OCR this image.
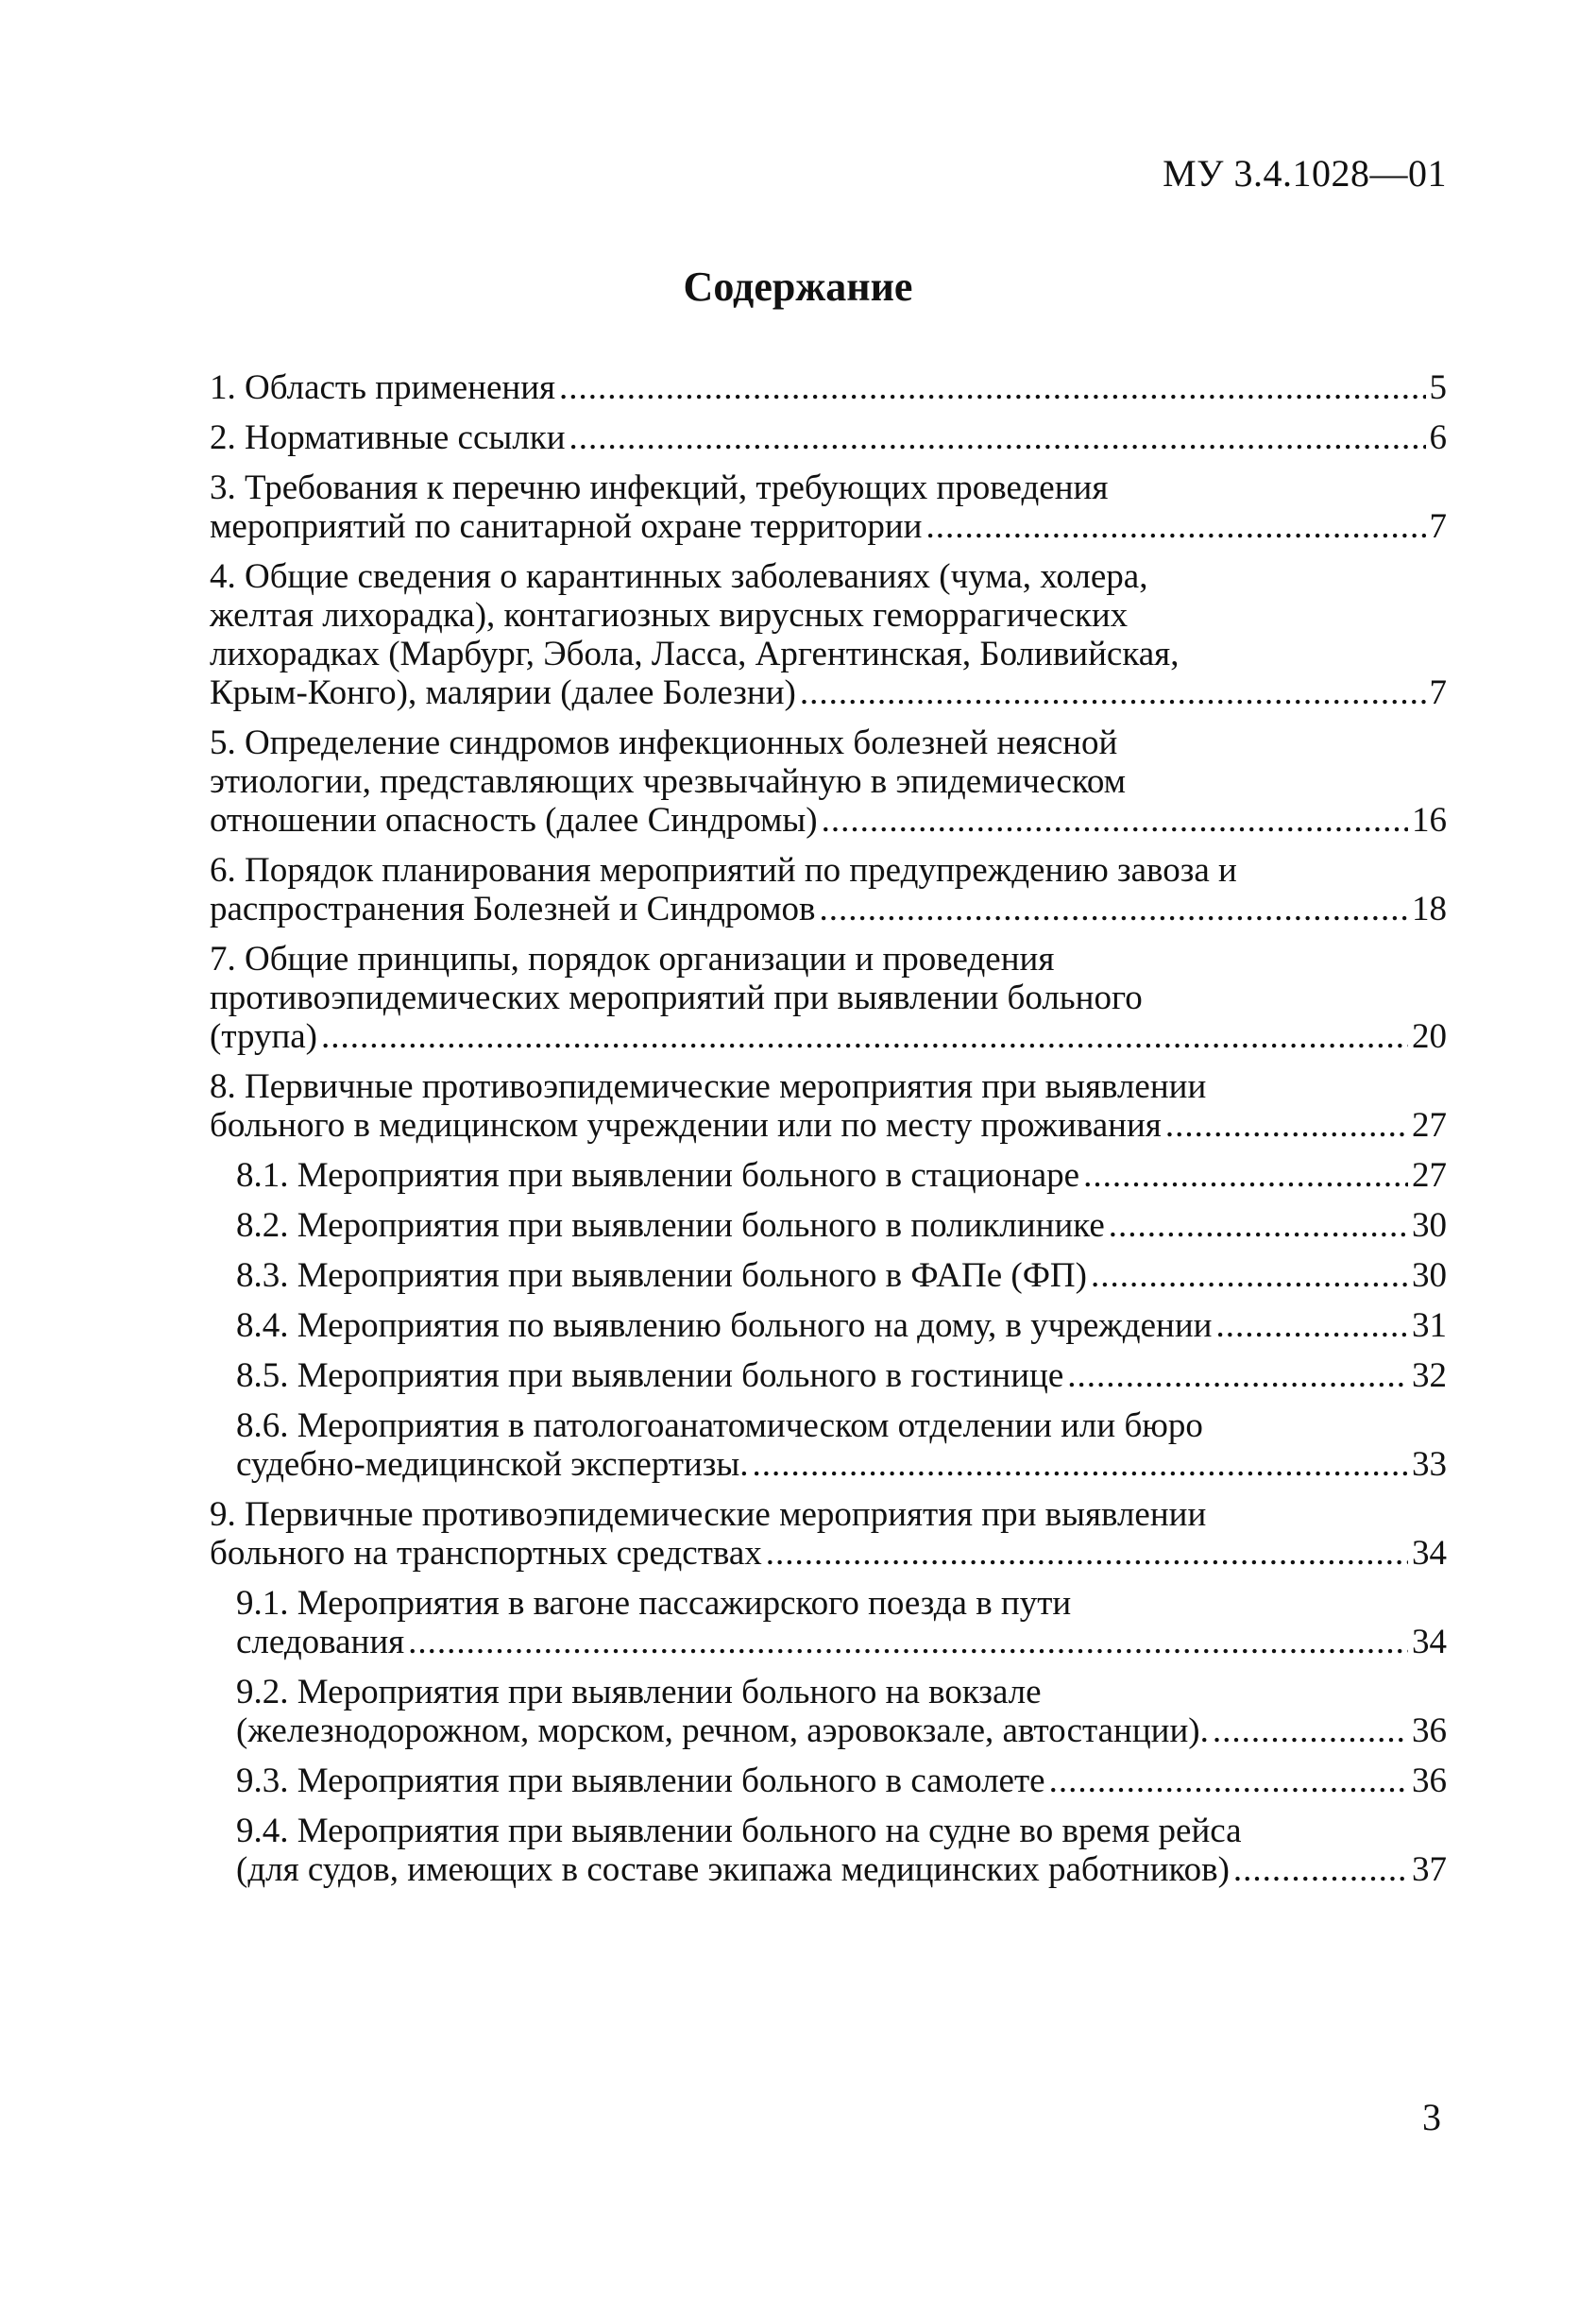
МУ 3.4.1028—01
Содержание
1. Область применения .....	5
2. Нормативные ссылки .....	6
3. Требования к перечню инфекций, требующих проведения
мероприятий по санитарной охране территории .....	7
4. Общие сведения о карантинных заболеваниях (чума, холера,
желтая лихорадка), контагиозных вирусных геморрагических
лихорадках (Марбург, Эбола, Ласса, Аргентинская, Боливийская,
Крым-Конго), малярии (далее Болезни) .....	7
5. Определение синдромов инфекционных болезней неясной
этиологии, представляющих чрезвычайную в эпидемическом
отношении опасность (далее Синдромы) .....	16
6. Порядок планирования мероприятий по предупреждению завоза и
распространения Болезней и Синдромов .....	18
7. Общие принципы, порядок организации и проведения
противоэпидемических мероприятий при выявлении больного
(трупа) .....	20
8. Первичные противоэпидемические мероприятия при выявлении
больного в медицинском учреждении или по месту проживания .....	27
8.1. Мероприятия при выявлении больного в стационаре .....	27
8.2. Мероприятия при выявлении больного в поликлинике .....	30
8.3. Мероприятия при выявлении больного в ФАПе (ФП) .....	30
8.4. Мероприятия по выявлению больного на дому, в учреждении .....	31
8.5. Мероприятия при выявлении больного в гостинице .....	32
8.6. Мероприятия в патологоанатомическом отделении или бюро
судебно-медицинской экспертизы. .....	33
9. Первичные противоэпидемические мероприятия при выявлении
больного на транспортных средствах .....	34
9.1. Мероприятия в вагоне пассажирского поезда в пути
следования .....	34
9.2. Мероприятия при выявлении больного на вокзале
(железнодорожном, морском, речном, аэровокзале, автостанции). .....	36
9.3. Мероприятия при выявлении больного в самолете .....	36
9.4. Мероприятия при выявлении больного на судне во время рейса
(для судов, имеющих в составе экипажа медицинских работников) .....	37
3
